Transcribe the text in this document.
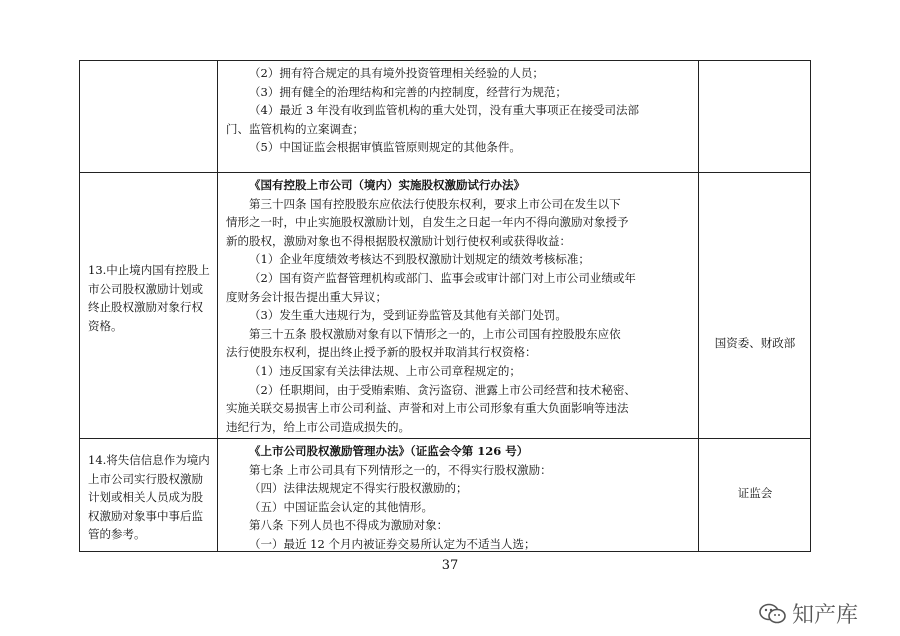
（2）拥有符合规定的具有境外投资管理相关经验的人员；
（3）拥有健全的治理结构和完善的内控制度，经营行为规范；
（4）最近 3 年没有收到监管机构的重大处罚，没有重大事项正在接受司法部
门、监管机构的立案调查；
（5）中国证监会根据审慎监管原则规定的其他条件。
13.中止境内国有控股上市公司股权激励计划或终止股权激励对象行权资格。
《国有控股上市公司（境内）实施股权激励试行办法》
第三十四条 国有控股股东应依法行使股东权利，要求上市公司在发生以下
情形之一时，中止实施股权激励计划，自发生之日起一年内不得向激励对象授予
新的股权，激励对象也不得根据股权激励计划行使权利或获得收益：
（1）企业年度绩效考核达不到股权激励计划规定的绩效考核标准；
（2）国有资产监督管理机构或部门、监事会或审计部门对上市公司业绩或年
度财务会计报告提出重大异议；
（3）发生重大违规行为，受到证券监管及其他有关部门处罚。
第三十五条 股权激励对象有以下情形之一的，上市公司国有控股股东应依
法行使股东权利，提出终止授予新的股权并取消其行权资格：
（1）违反国家有关法律法规、上市公司章程规定的；
（2）任职期间，由于受贿索贿、贪污盗窃、泄露上市公司经营和技术秘密、
实施关联交易损害上市公司利益、声誉和对上市公司形象有重大负面影响等违法
违纪行为，给上市公司造成损失的。
国资委、财政部
14.将失信信息作为境内上市公司实行股权激励计划或相关人员成为股权激励对象事中事后监管的参考。
《上市公司股权激励管理办法》（证监会令第 126 号）
第七条 上市公司具有下列情形之一的，不得实行股权激励：
（四）法律法规规定不得实行股权激励的；
（五）中国证监会认定的其他情形。
第八条 下列人员也不得成为激励对象：
（一）最近 12 个月内被证券交易所认定为不适当人选；
证监会
37
知产库
